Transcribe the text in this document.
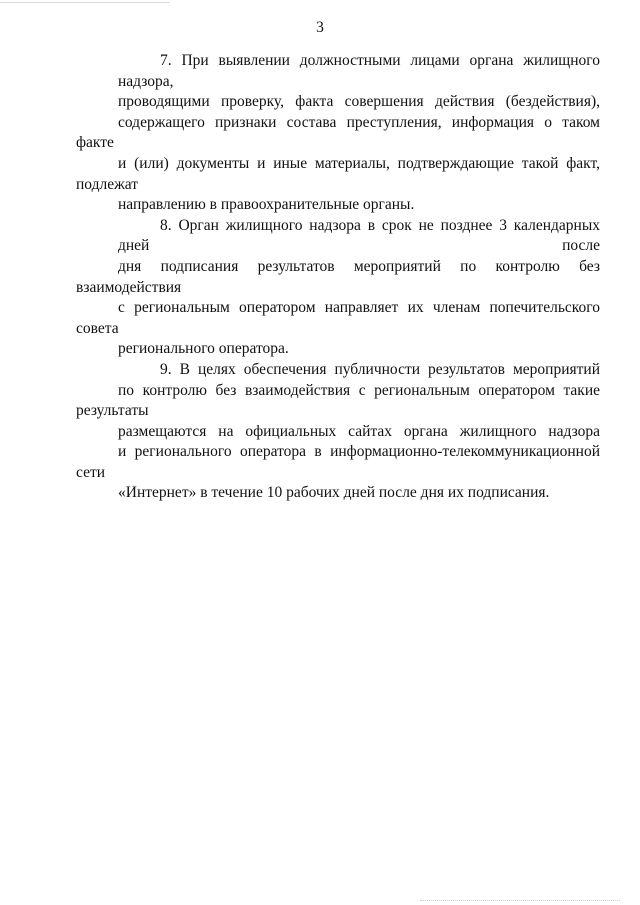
3
7. При выявлении должностными лицами органа жилищного надзора,
проводящими проверку, факта совершения действия (бездействия),
содержащего признаки состава преступления, информация о таком факте
и (или) документы и иные материалы, подтверждающие такой факт, подлежат
направлению в правоохранительные органы.
8. Орган жилищного надзора в срок не позднее 3 календарных дней после
дня подписания результатов мероприятий по контролю без взаимодействия
с региональным оператором направляет их членам попечительского совета
регионального оператора.
9. В целях обеспечения публичности результатов мероприятий
по контролю без взаимодействия с региональным оператором такие результаты
размещаются на официальных сайтах органа жилищного надзора
и регионального оператора в информационно-телекоммуникационной сети
«Интернет» в течение 10 рабочих дней после дня их подписания.
